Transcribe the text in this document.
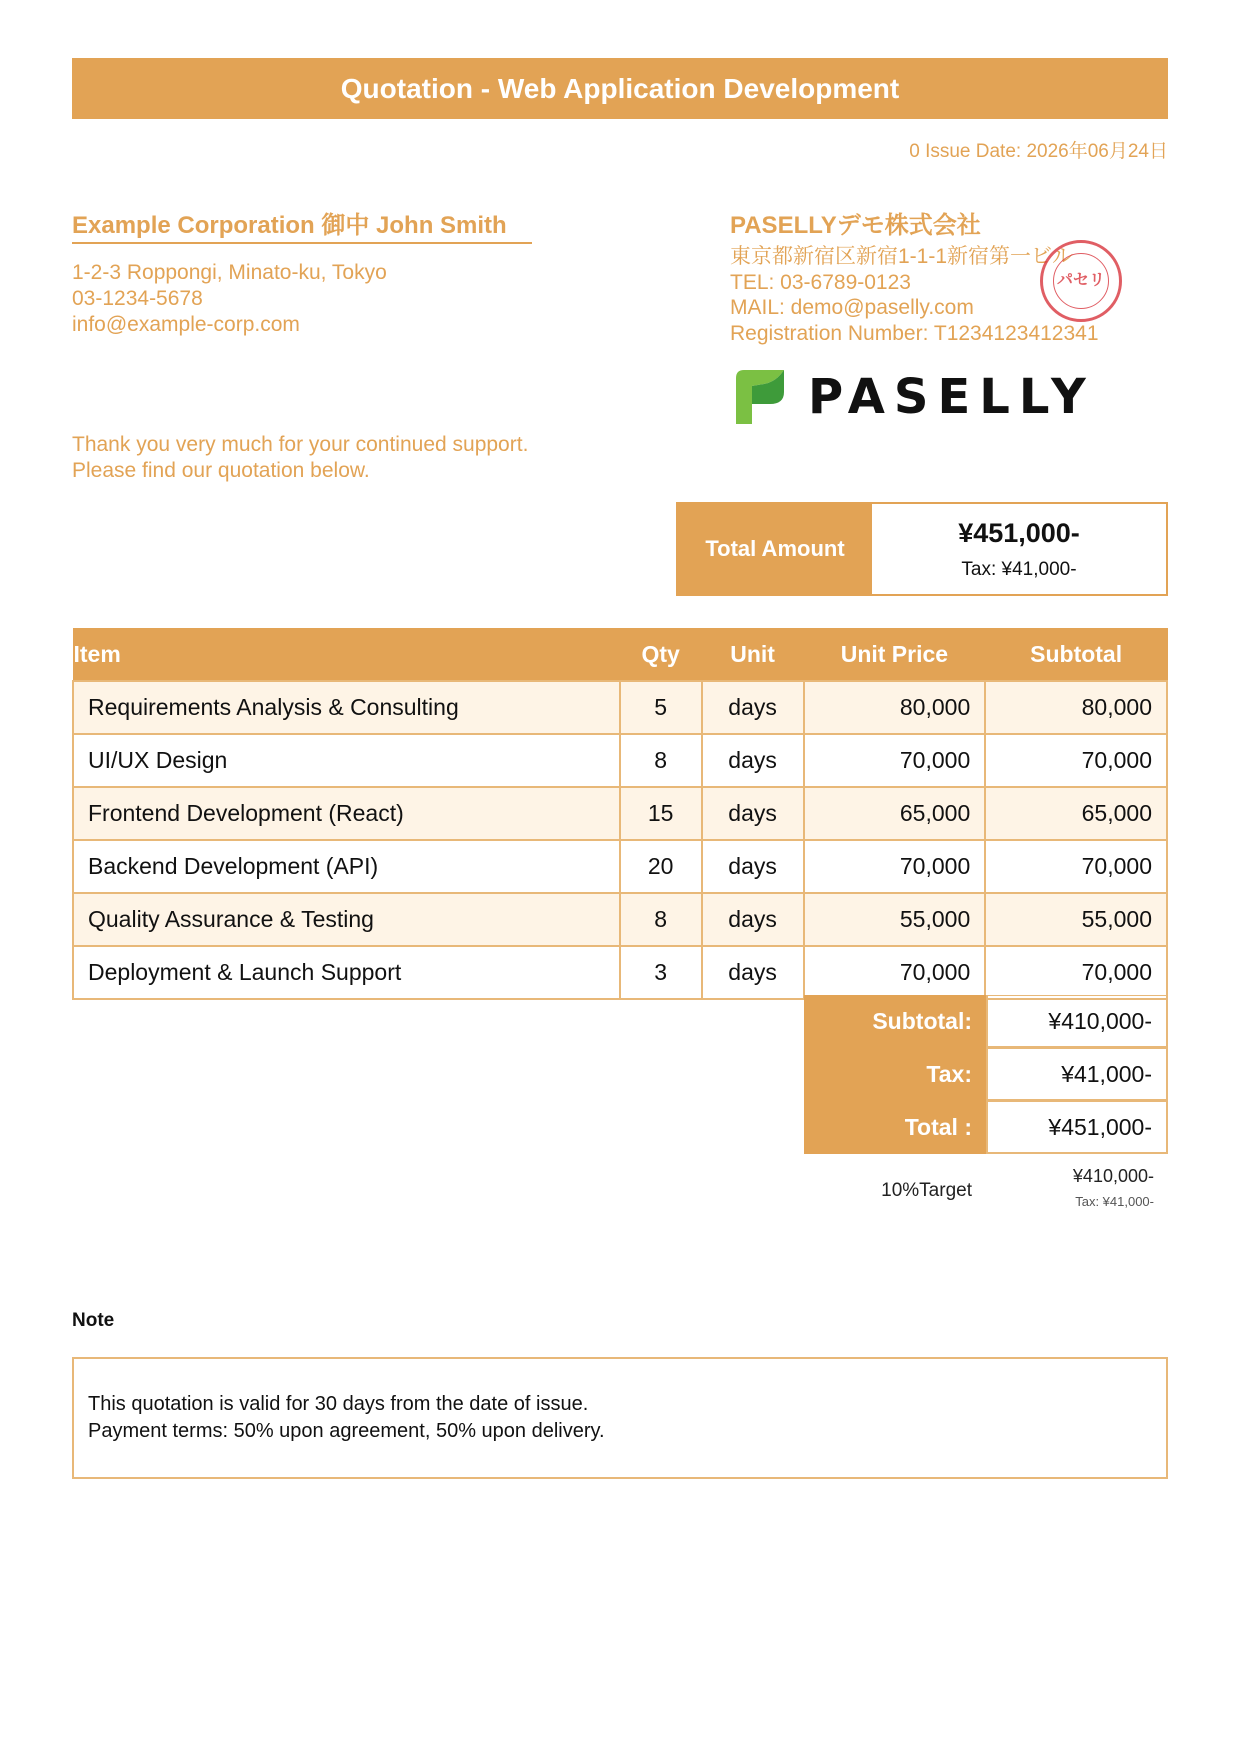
Quotation - Web Application Development
0 Issue Date: 2026年06月24日
Example Corporation 御中 John Smith
1-2-3 Roppongi, Minato-ku, Tokyo
03-1234-5678
info@example-corp.com
Thank you very much for your continued support.
Please find our quotation below.
PASELLYデモ株式会社
東京都新宿区新宿1-1-1新宿第一ビル
TEL: 03-6789-0123
MAIL: demo@paselly.com
Registration Number: T1234123412341
パセリ
PASELLY
Total Amount
¥451,000-
Tax: ¥41,000-
Item	Qty	Unit	Unit Price	Subtotal
Requirements Analysis & Consulting	5	days	80,000	80,000
UI/UX Design	8	days	70,000	70,000
Frontend Development (React)	15	days	65,000	65,000
Backend Development (API)	20	days	70,000	70,000
Quality Assurance & Testing	8	days	55,000	55,000
Deployment & Launch Support	3	days	70,000	70,000
Subtotal:	¥410,000-
Tax:	¥41,000-
Total :	¥451,000-
10%Target
¥410,000-
Tax: ¥41,000-
Note
This quotation is valid for 30 days from the date of issue.
Payment terms: 50% upon agreement, 50% upon delivery.
